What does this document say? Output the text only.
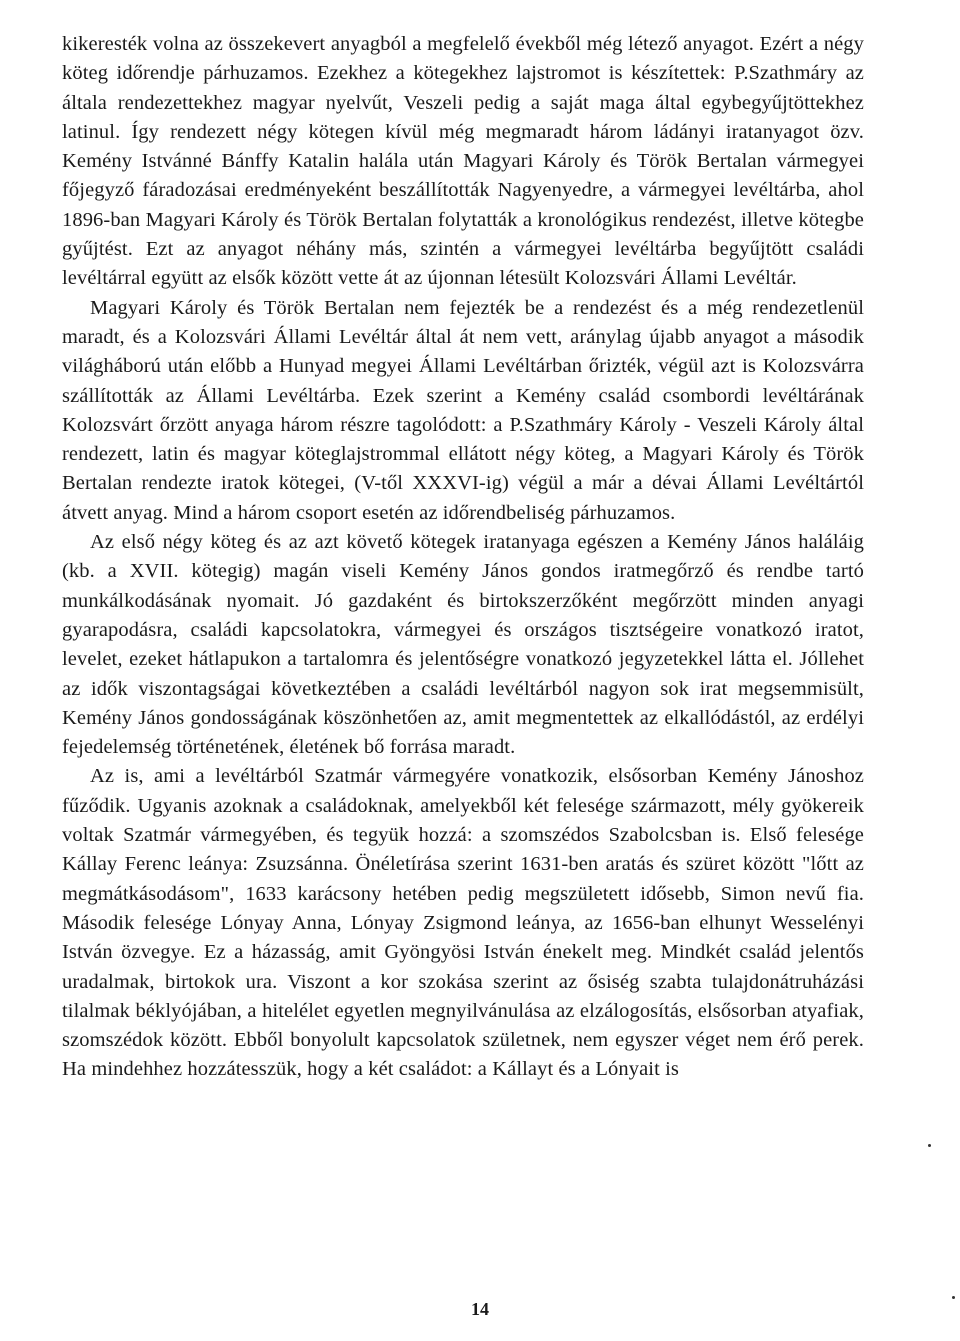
kikeresték volna az összekevert anyagból a megfelelő évekből még létező anyagot. Ezért a négy köteg időrendje párhuzamos. Ezekhez a kötegekhez lajstromot is készítettek: P.Szathmáry az általa rendezettekhez magyar nyelvűt, Veszeli pedig a saját maga által egybegyűjtöttekhez latinul. Így rendezett négy kötegen kívül még megmaradt három ládányi iratanyagot özv. Kemény Istvánné Bánffy Katalin halála után Magyari Károly és Török Bertalan vármegyei főjegyző fáradozásai eredményeként beszállították Nagyenyedre, a vármegyei levéltárba, ahol 1896-ban Magyari Károly és Török Bertalan folytatták a kronológikus rendezést, illetve kötegbe gyűjtést. Ezt az anyagot néhány más, szintén a vármegyei levéltárba begyűjtött családi levéltárral együtt az elsők között vette át az újonnan létesült Kolozsvári Állami Levéltár.

Magyari Károly és Török Bertalan nem fejezték be a rendezést és a még rendezetlenül maradt, és a Kolozsvári Állami Levéltár által át nem vett, aránylag újabb anyagot a második világháború után előbb a Hunyad megyei Állami Levéltárban őrizték, végül azt is Kolozsvárra szállították az Állami Levéltárba. Ezek szerint a Kemény család csombordi levéltárának Kolozsvárt őrzött anyaga három részre tagolódott: a P.Szathmáry Károly - Veszeli Károly által rendezett, latin és magyar köteglajstrommal ellátott négy köteg, a Magyari Károly és Török Bertalan rendezte iratok kötegei, (V-től XXXVI-ig) végül a már a dévai Állami Levéltártól átvett anyag. Mind a három csoport esetén az időrendbeliség párhuzamos.

Az első négy köteg és az azt követő kötegek iratanyaga egészen a Kemény János haláláig (kb. a XVII. kötegig) magán viseli Kemény János gondos iratmegőrző és rendbe tartó munkálkodásának nyomait. Jó gazdaként és birtokszerzőként megőrzött minden anyagi gyarapodásra, családi kapcsolatokra, vármegyei és országos tisztségeire vonatkozó iratot, levelet, ezeket hátlapukon a tartalomra és jelentőségre vonatkozó jegyzetekkel látta el. Jóllehet az idők viszontagságai következtében a családi levéltárból nagyon sok irat megsemmisült, Kemény János gondosságának köszönhetően az, amit megmentettek az elkallódástól, az erdélyi fejedelemség történetének, életének bő forrása maradt.

Az is, ami a levéltárból Szatmár vármegyére vonatkozik, elsősorban Kemény Jánoshoz fűződik. Ugyanis azoknak a családoknak, amelyekből két felesége származott, mély gyökereik voltak Szatmár vármegyében, és tegyük hozzá: a szomszédos Szabolcsban is. Első felesége Kállay Ferenc leánya: Zsuzsánna. Önéletírása szerint 1631-ben aratás és szüret között "lőtt az megmátkásodásom", 1633 karácsony hetében pedig megszületett idősebb, Simon nevű fia. Második felesége Lónyay Anna, Lónyay Zsigmond leánya, az 1656-ban elhunyt Wesselényi István özvegye. Ez a házasság, amit Gyöngyösi István énekelt meg. Mindkét család jelentős uradalmak, birtokok ura. Viszont a kor szokása szerint az ősiség szabta tulajdonátruházási tilalmak béklyójában, a hitelélet egyetlen megnyilvánulása az elzálogosítás, elsősorban atyafiak, szomszédok között. Ebből bonyolult kapcsolatok születnek, nem egyszer véget nem érő perek. Ha mindehhez hozzátesszük, hogy a két családot: a Kállayt és a Lónyait is

14
